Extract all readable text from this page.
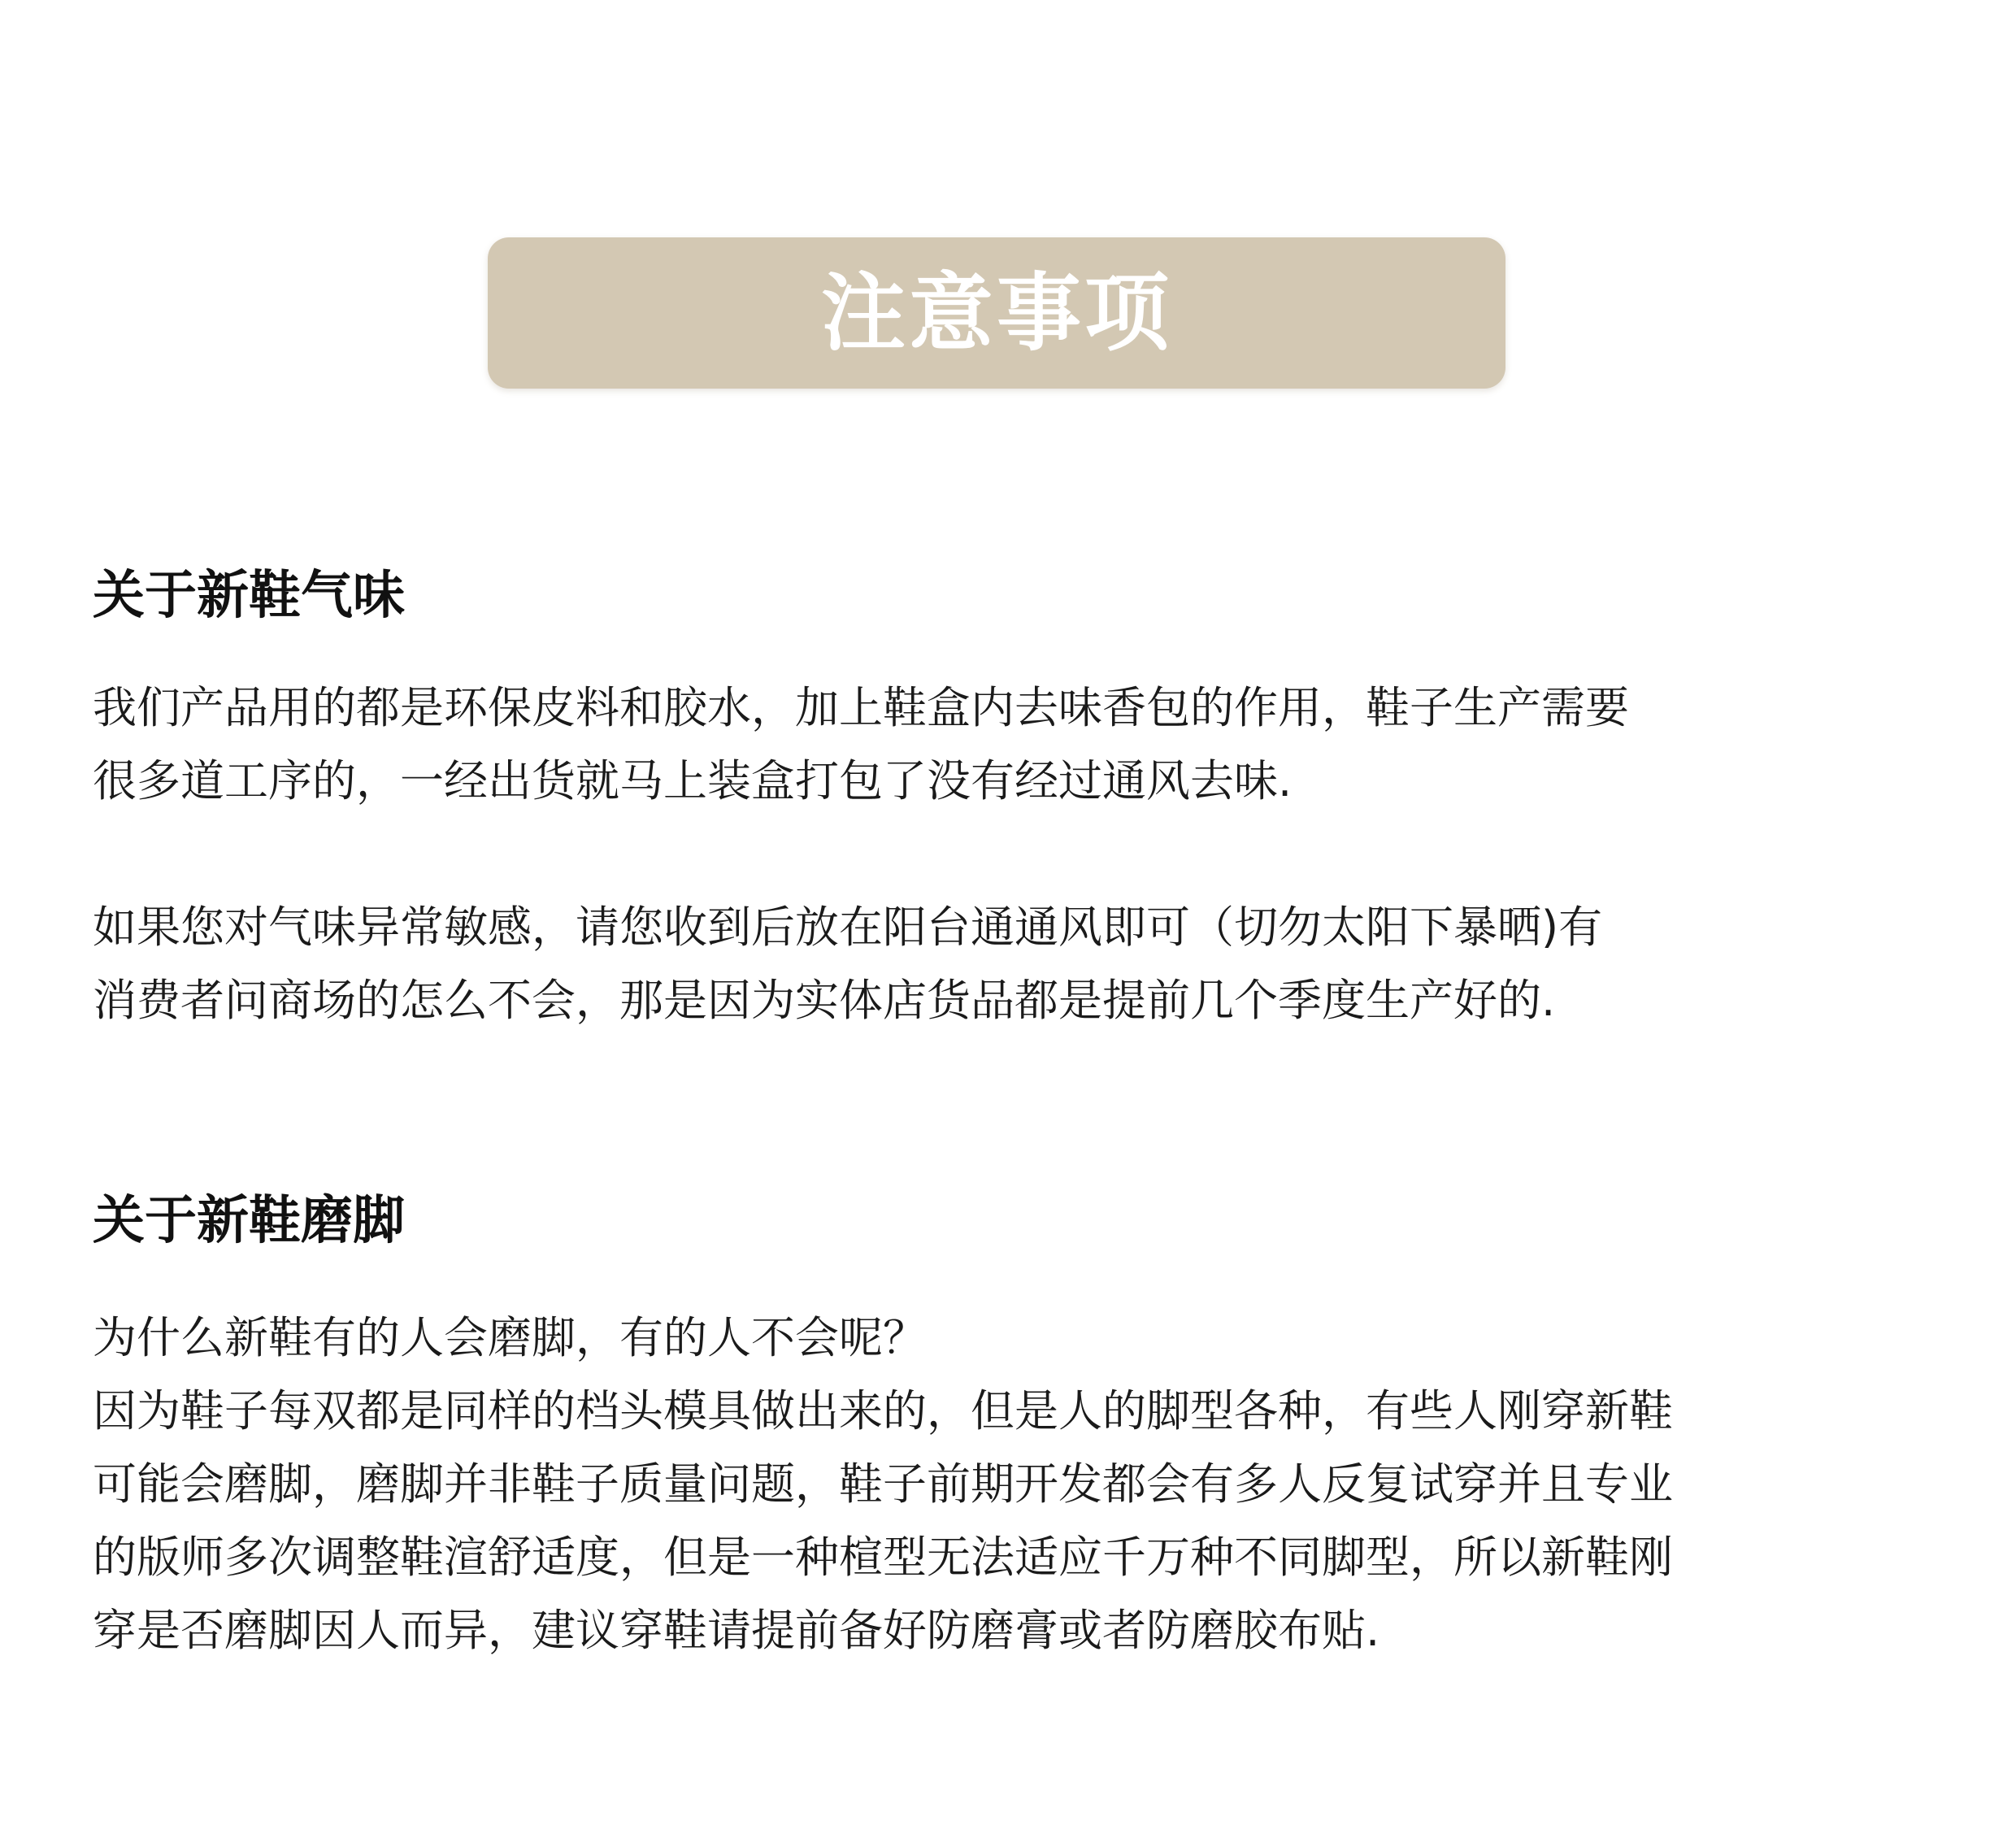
注意事项
关于新鞋气味
我们产品用的都是环保皮料和胶水，加上鞋盒内去味香包的作用，鞋子生产需要
很多道工序的，一经出货就马上装盒打包了没有经过通风去味.
如果您对气味异常敏感，请您收到后放在阳台通通风即可（切勿太阳下暴晒)有
消费者问商场的怎么不会，那是因为实体店货品都是提前几个季度生产好的.
关于新鞋磨脚
为什么新鞋有的人会磨脚，有的人不会呢？
因为鞋子每双都是同样的档头模具做出来的，但是人的脚型各种，有些人刚穿新鞋
可能会磨脚，磨脚并非鞋子质量问题，鞋子前期开发都会有多人反复试穿并且专业
的版师多次调整鞋渲舒适度，但是一种楦型无法适应千万种不同脚型，所以新鞋刚
穿是否磨脚因人而异，建议穿鞋请提前备好防磨膏或者防磨胶布贴.
